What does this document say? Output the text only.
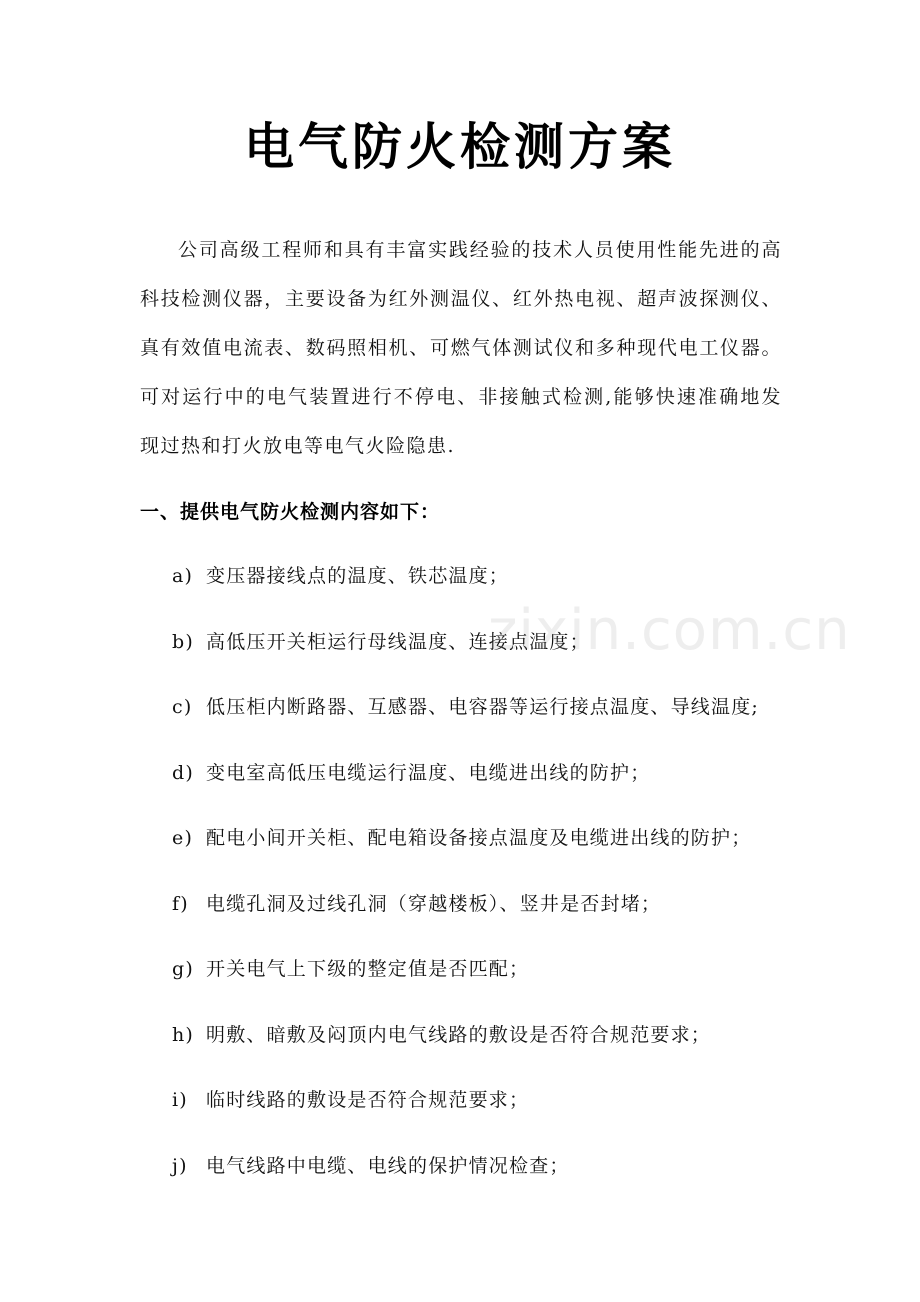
电气防火检测方案

公司高级工程师和具有丰富实践经验的技术人员使用性能先进的高科技检测仪器，主要设备为红外测温仪、红外热电视、超声波探测仪、真有效值电流表、数码照相机、可燃气体测试仪和多种现代电工仪器。可对运行中的电气装置进行不停电、非接触式检测,能够快速准确地发现过热和打火放电等电气火险隐患.

一、提供电气防火检测内容如下：
a) 变压器接线点的温度、铁芯温度；
b) 高低压开关柜运行母线温度、连接点温度；
c) 低压柜内断路器、互感器、电容器等运行接点温度、导线温度;
d) 变电室高低压电缆运行温度、电缆进出线的防护；
e) 配电小间开关柜、配电箱设备接点温度及电缆进出线的防护；
f) 电缆孔洞及过线孔洞（穿越楼板）、竖井是否封堵；
g) 开关电气上下级的整定值是否匹配；
h) 明敷、暗敷及闷顶内电气线路的敷设是否符合规范要求；
i) 临时线路的敷设是否符合规范要求；
j) 电气线路中电缆、电线的保护情况检查；
zixin.com.cn
